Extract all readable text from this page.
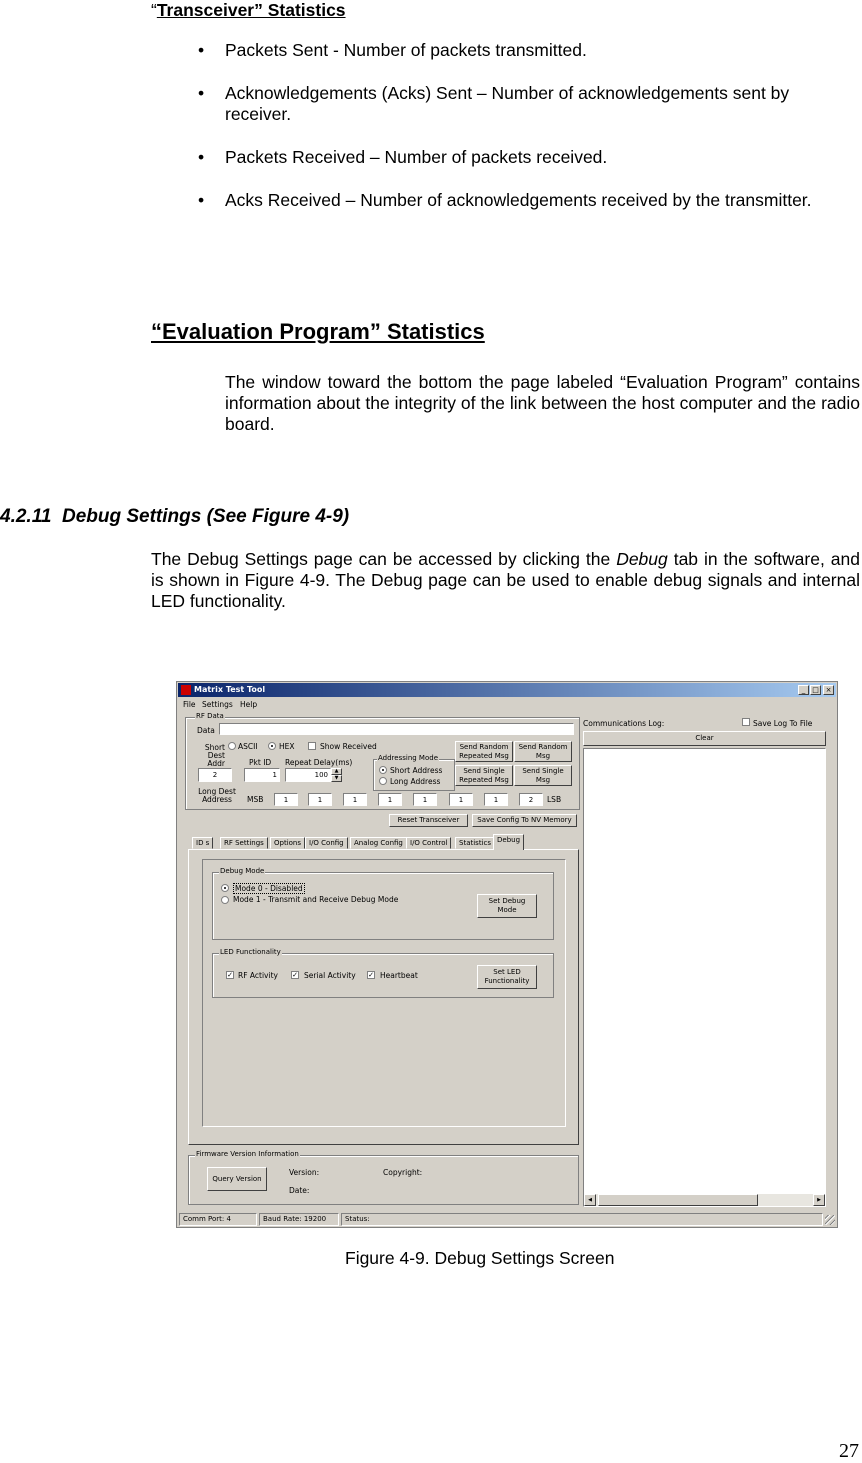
“Transceiver” Statistics
• Packets Sent - Number of packets transmitted.
• Acknowledgements (Acks) Sent – Number of acknowledgements sent by receiver.
• Packets Received – Number of packets received.
• Acks Received – Number of acknowledgements received by the transmitter.
“Evaluation Program” Statistics
The window toward the bottom the page labeled “Evaluation Program” contains information about the integrity of the link between the host computer and the radio board.
4.2.11 Debug Settings (See Figure 4-9)
The Debug Settings page can be accessed by clicking the Debug tab in the software, and is shown in Figure 4-9. The Debug page can be used to enable debug signals and internal LED functionality.
Matrix Test Tool	_ □ ×
File Settings Help
RF Data
Data
Short Dest Addr
ASCII	HEX	Show Received
Pkt ID Repeat Delay(ms)
2	1	100	▲
▼
Addressing Mode
Short Address
Long Address
Send Random Repeated Msg
Send Random Msg
Send Single Repeated Msg
Send Single Msg
Long Dest Address	MSB	1	1	1	1	1	1	1	2	LSB
Reset Transceiver	Save Config To NV Memory
ID s	RF Settings	Options	I/O Config	Analog Config	I/O Control	Statistics Debug
Debug Mode
Mode 0 - Disabled
Mode 1 - Transmit and Receive Debug Mode	Set Debug Mode
LED Functionality
✓ RF Activity ✓ Serial Activity ✓ Heartbeat	Set LED Functionality
Firmware Version Information
Query Version
Version:	Copyright:
Date:
Communications Log:	Save Log To File
Clear
◀	▶
Comm Port: 4	Baud Rate: 19200	Status:
Figure 4-9. Debug Settings Screen
27
